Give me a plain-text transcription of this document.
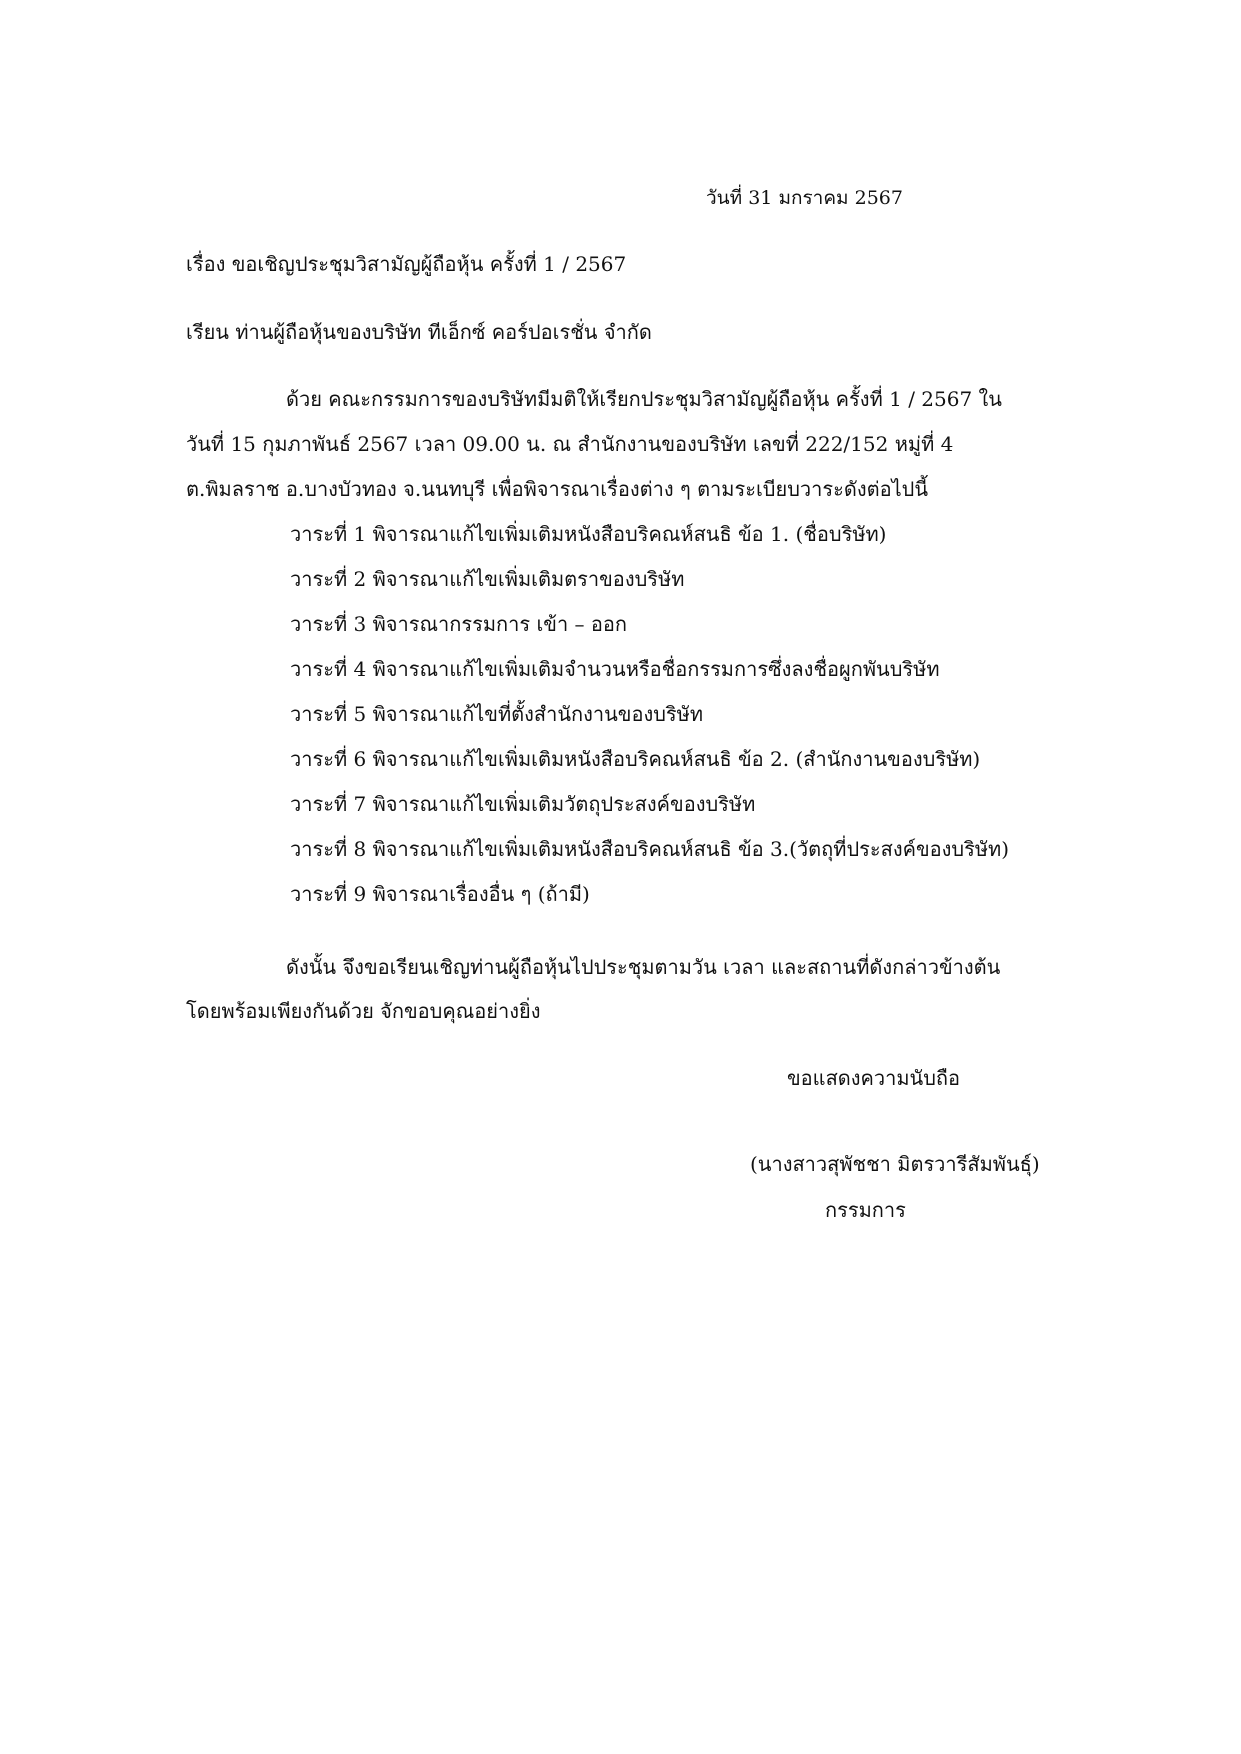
วันที่ 31 มกราคม 2567
เรื่อง ขอเชิญประชุมวิสามัญผู้ถือหุ้น ครั้งที่ 1 / 2567
เรียน ท่านผู้ถือหุ้นของบริษัท ทีเอ็กซ์ คอร์ปอเรชั่น จำกัด
ด้วย คณะกรรมการของบริษัทมีมติให้เรียกประชุมวิสามัญผู้ถือหุ้น ครั้งที่ 1 / 2567 ใน
วันที่ 15 กุมภาพันธ์ 2567 เวลา 09.00 น. ณ สำนักงานของบริษัท เลขที่ 222/152 หมู่ที่ 4
ต.พิมลราช อ.บางบัวทอง จ.นนทบุรี เพื่อพิจารณาเรื่องต่าง ๆ ตามระเบียบวาระดังต่อไปนี้
วาระที่ 1 พิจารณาแก้ไขเพิ่มเติมหนังสือบริคณห์สนธิ ข้อ 1. (ชื่อบริษัท)
วาระที่ 2 พิจารณาแก้ไขเพิ่มเติมตราของบริษัท
วาระที่ 3 พิจารณากรรมการ เข้า – ออก
วาระที่ 4 พิจารณาแก้ไขเพิ่มเติมจำนวนหรือชื่อกรรมการซึ่งลงชื่อผูกพันบริษัท
วาระที่ 5 พิจารณาแก้ไขที่ตั้งสำนักงานของบริษัท
วาระที่ 6 พิจารณาแก้ไขเพิ่มเติมหนังสือบริคณห์สนธิ ข้อ 2. (สำนักงานของบริษัท)
วาระที่ 7 พิจารณาแก้ไขเพิ่มเติมวัตถุประสงค์ของบริษัท
วาระที่ 8 พิจารณาแก้ไขเพิ่มเติมหนังสือบริคณห์สนธิ ข้อ 3.(วัตถุที่ประสงค์ของบริษัท)
วาระที่ 9 พิจารณาเรื่องอื่น ๆ (ถ้ามี)
ดังนั้น จึงขอเรียนเชิญท่านผู้ถือหุ้นไปประชุมตามวัน เวลา และสถานที่ดังกล่าวข้างต้น
โดยพร้อมเพียงกันด้วย จักขอบคุณอย่างยิ่ง
ขอแสดงความนับถือ
(นางสาวสุพัชชา มิตรวารีสัมพันธุ์)
กรรมการ
